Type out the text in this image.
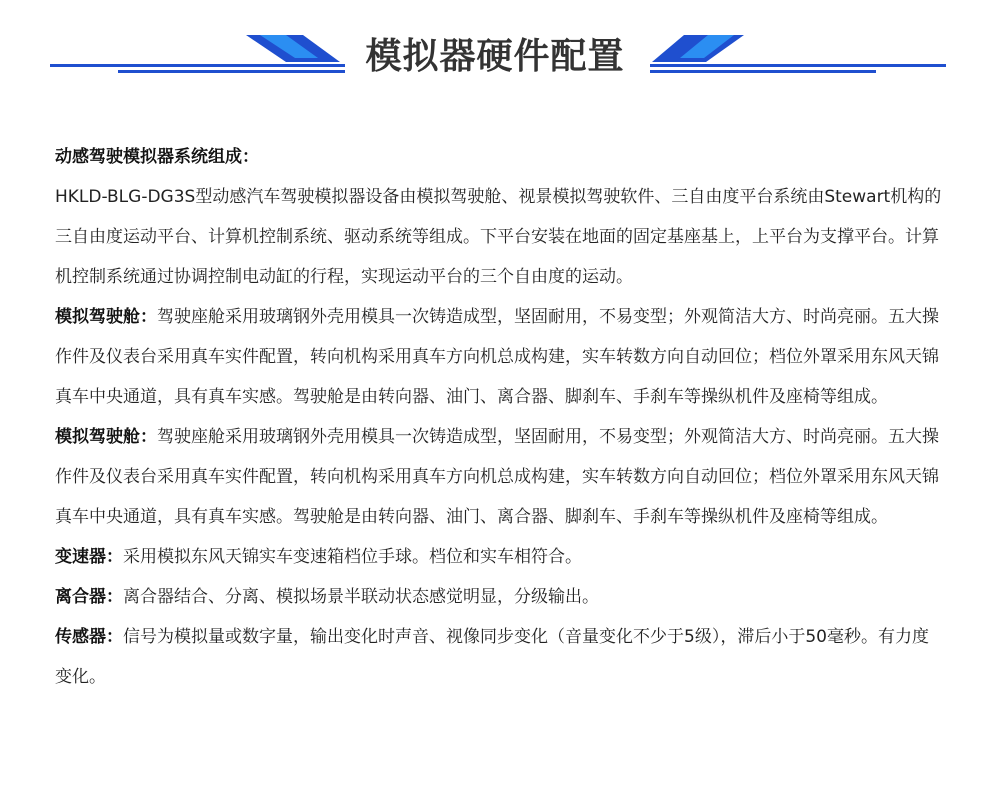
模拟器硬件配置

动感驾驶模拟器系统组成：

HKLD-BLG-DG3S型动感汽车驾驶模拟器设备由模拟驾驶舱、视景模拟驾驶软件、三自由度平台系统由Stewart机构的三自由度运动平台、计算机控制系统、驱动系统等组成。下平台安装在地面的固定基座基上，上平台为支撑平台。计算机控制系统通过协调控制电动缸的行程，实现运动平台的三个自由度的运动。

模拟驾驶舱：驾驶座舱采用玻璃钢外壳用模具一次铸造成型，坚固耐用，不易变型；外观简洁大方、时尚亮丽。五大操作件及仪表台采用真车实件配置，转向机构采用真车方向机总成构建，实车转数方向自动回位；档位外罩采用东风天锦真车中央通道，具有真车实感。驾驶舱是由转向器、油门、离合器、脚刹车、手刹车等操纵机件及座椅等组成。

模拟驾驶舱：驾驶座舱采用玻璃钢外壳用模具一次铸造成型，坚固耐用，不易变型；外观简洁大方、时尚亮丽。五大操作件及仪表台采用真车实件配置，转向机构采用真车方向机总成构建，实车转数方向自动回位；档位外罩采用东风天锦真车中央通道，具有真车实感。驾驶舱是由转向器、油门、离合器、脚刹车、手刹车等操纵机件及座椅等组成。

变速器：采用模拟东风天锦实车变速箱档位手球。档位和实车相符合。

离合器：离合器结合、分离、模拟场景半联动状态感觉明显，分级输出。

传感器：信号为模拟量或数字量，输出变化时声音、视像同步变化（音量变化不少于5级），滞后小于50毫秒。有力度变化。
